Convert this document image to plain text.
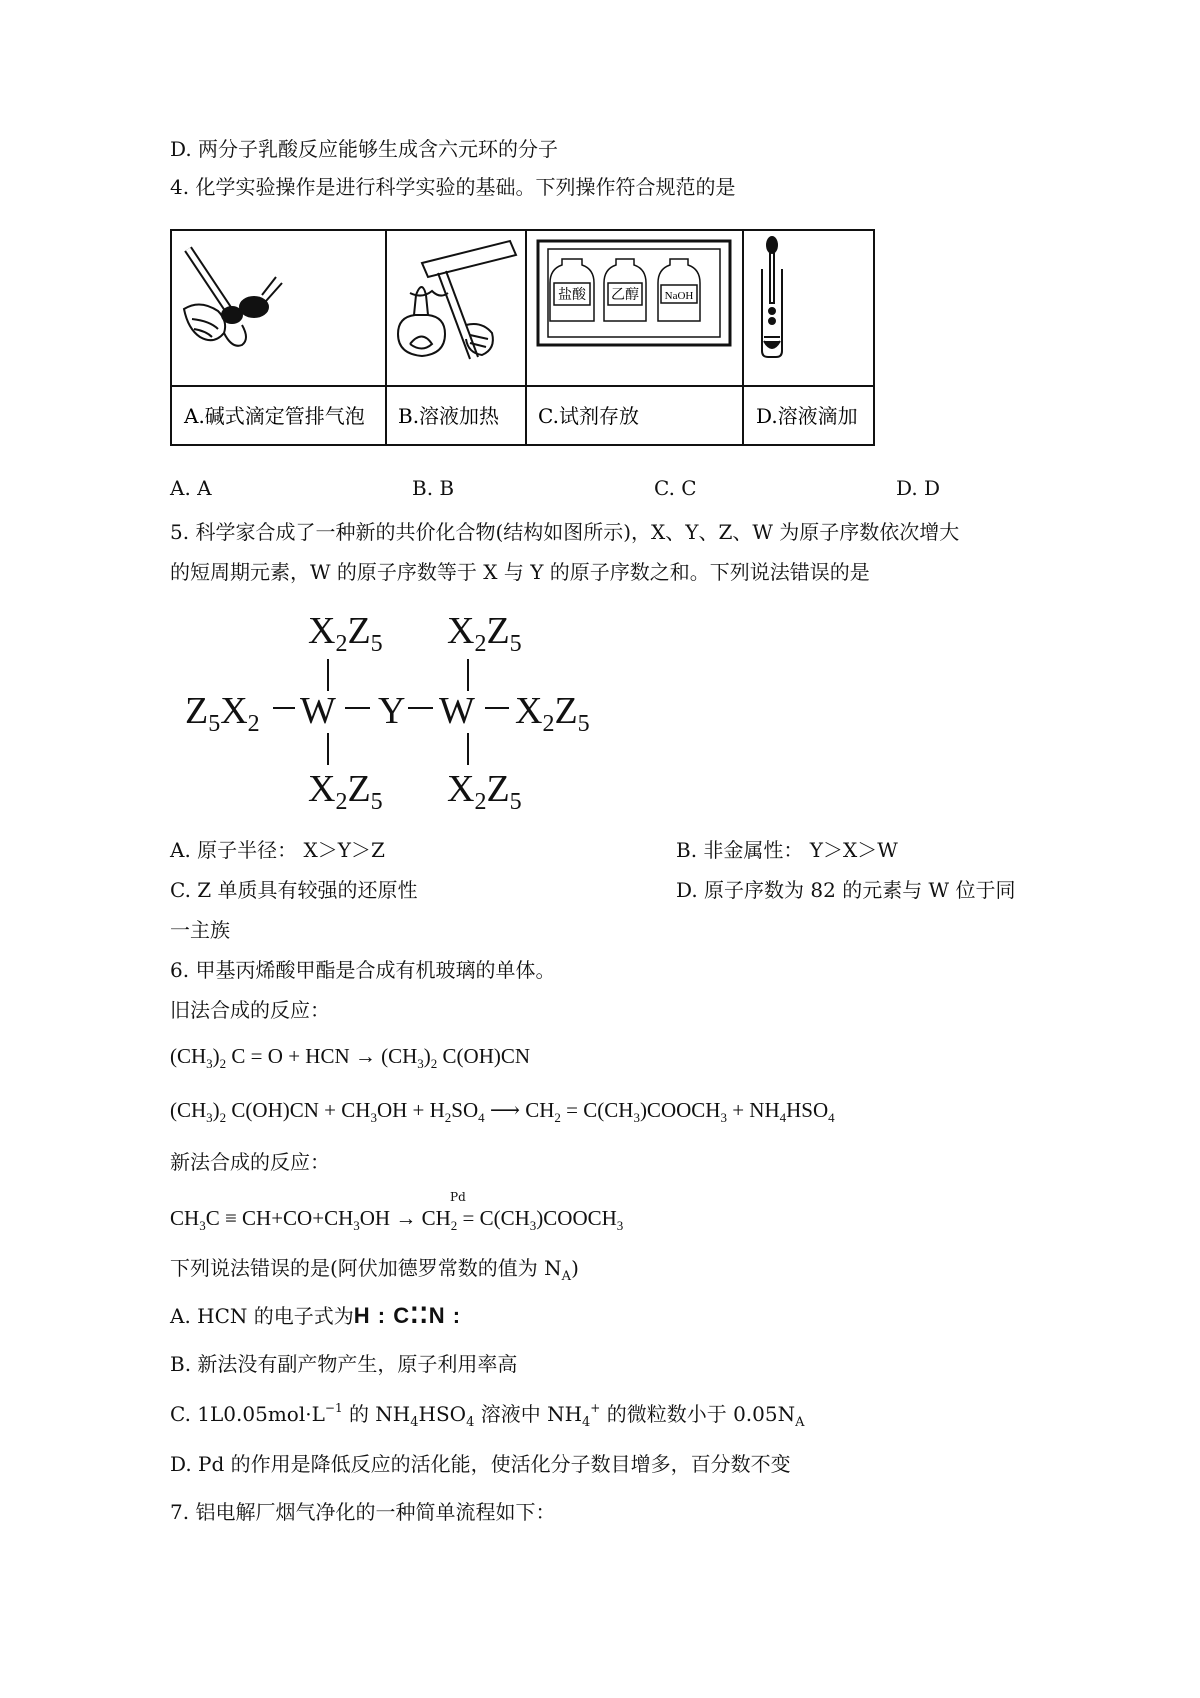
D. 两分子乳酸反应能够生成含六元环的分子
4. 化学实验操作是进行科学实验的基础。下列操作符合规范的是
盐酸 乙醇 NaOH
A.碱式滴定管排气泡 B.溶液加热 C.试剂存放	D.溶液滴加
A. A	B. B	C. C	D. D
5. 科学家合成了一种新的共价化合物(结构如图所示)，X、Y、Z、W 为原子序数依次增大
的短周期元素，W 的原子序数等于 X 与 Y 的原子序数之和。下列说法错误的是
$X_2Z_5$ $X_2Z_5$
$Z_5X_2$ W Y W $X_2Z_5$
$X_2Z_5$ $X_2Z_5$
A. 原子半径： X＞Y＞Z	B. 非金属性： Y＞X＞W
C. Z 单质具有较强的还原性	D. 原子序数为 82 的元素与 W 位于同
一主族
6. 甲基丙烯酸甲酯是合成有机玻璃的单体。
旧法合成的反应：
$(CH_3)_2$ C = O + HCN → $(CH_3)_2$ C(OH)CN
$(CH_3)_2$ $C(OH)CN + CH_3OH + H_2SO_4$ ⟶ $CH_2$ = $C(CH_3)COOCH_3 + NH_4HSO_4$
新法合成的反应：
Pd
$CH_3C \equiv CH+CO+CH_3OH \to CH_2$ = $C(CH_3)COOCH_3$
下列说法错误的是(阿伏加德罗常数的值为 $N_A$)
A. HCN 的电子式为H : C⁚⁚N :
B. 新法没有副产物产生，原子利用率高
C. $1L0.05mol\cdot L^{-1}$ 的 $NH_4HSO_4$ 溶液中 $NH_4^+$ 的微粒数小于 $0.05N_A$
D. Pd 的作用是降低反应的活化能，使活化分子数目增多，百分数不变
7. 铝电解厂烟气净化的一种简单流程如下：
